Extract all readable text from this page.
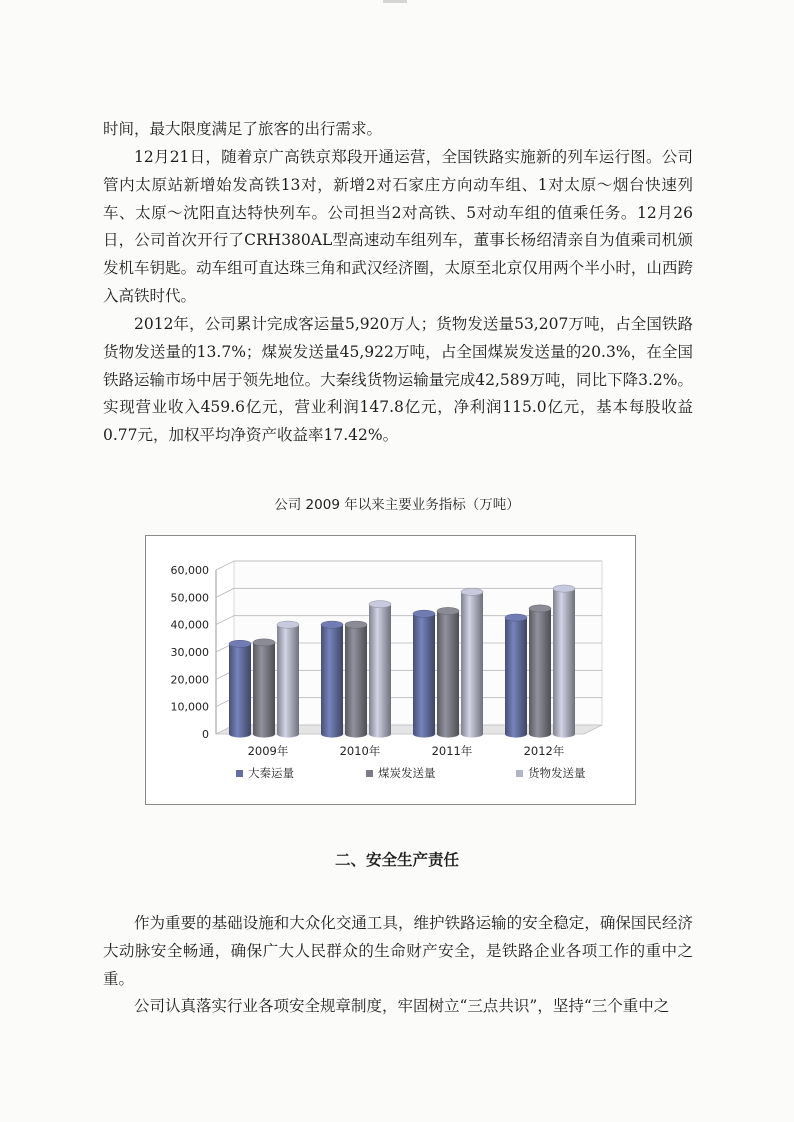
时间，最大限度满足了旅客的出行需求。

12月21日，随着京广高铁京郑段开通运营，全国铁路实施新的列车运行图。公司管内太原站新增始发高铁13对，新增2对石家庄方向动车组、1对太原～烟台快速列车、太原～沈阳直达特快列车。公司担当2对高铁、5对动车组的值乘任务。12月26日，公司首次开行了CRH380AL型高速动车组列车，董事长杨绍清亲自为值乘司机颁发机车钥匙。动车组可直达珠三角和武汉经济圈，太原至北京仅用两个半小时，山西跨入高铁时代。

2012年，公司累计完成客运量5,920万人；货物发送量53,207万吨，占全国铁路货物发送量的13.7%；煤炭发送量45,922万吨，占全国煤炭发送量的20.3%，在全国铁路运输市场中居于领先地位。大秦线货物运输量完成42,589万吨，同比下降3.2%。实现营业收入459.6亿元，营业利润147.8亿元，净利润115.0亿元，基本每股收益0.77元，加权平均净资产收益率17.42%。

公司 2009 年以来主要业务指标（万吨）
0
10,000
20,000
30,000
40,000
50,000
60,000
2009年	2010年	2011年	2012年
大秦运量	煤炭发送量	货物发送量
二、安全生产责任

作为重要的基础设施和大众化交通工具，维护铁路运输的安全稳定，确保国民经济大动脉安全畅通，确保广大人民群众的生命财产安全，是铁路企业各项工作的重中之重。

公司认真落实行业各项安全规章制度，牢固树立“三点共识”，坚持“三个重中之
